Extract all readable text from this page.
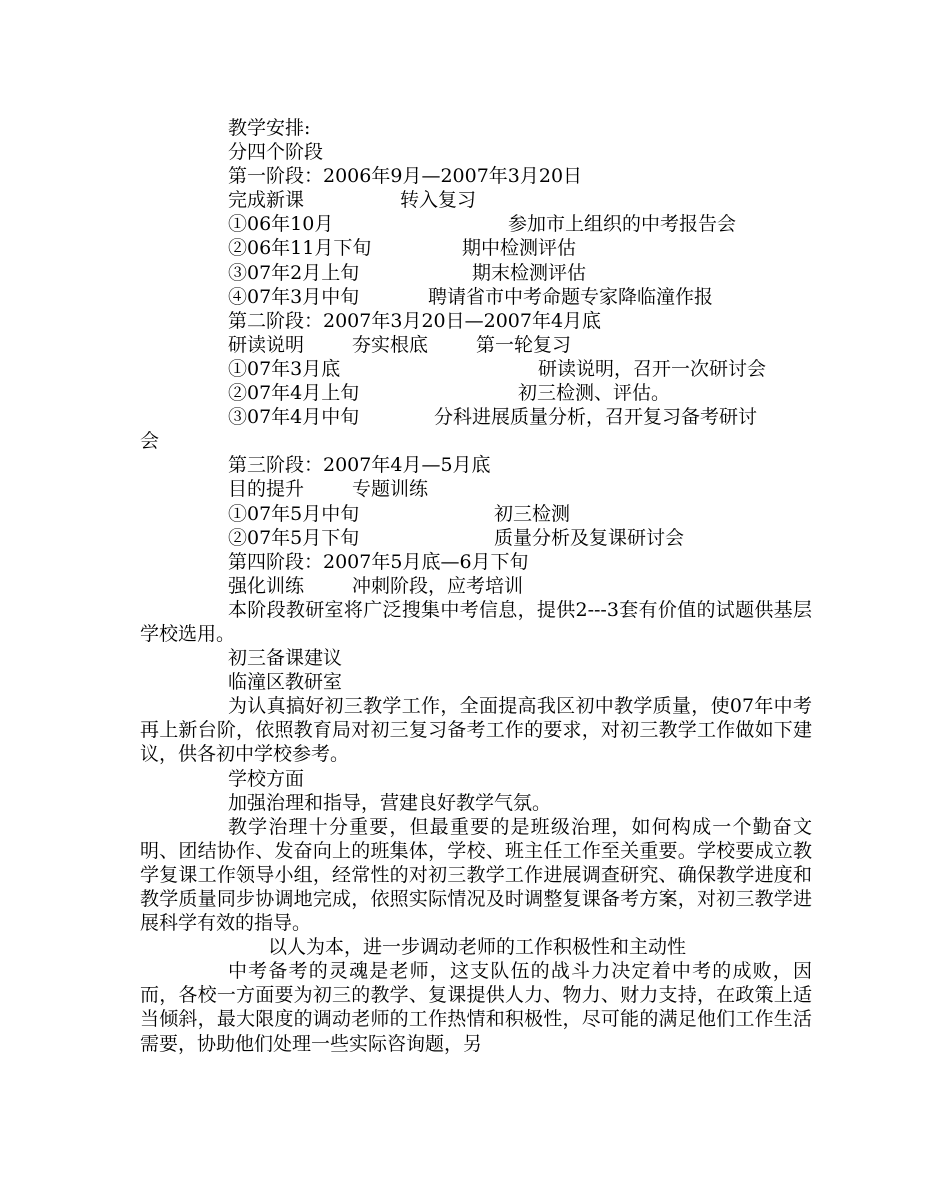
教学安排:
分四个阶段
第一阶段：2006年9月—2007年3月20日
完成新课	转入复习
①06年10月	参加市上组织的中考报告会
②06年11月下旬	期中检测评估
③07年2月上旬	期末检测评估
④07年3月中旬	聘请省市中考命题专家降临潼作报
第二阶段：2007年3月20日—2007年4月底
研读说明	夯实根底	第一轮复习
①07年3月底	研读说明，召开一次研讨会
②07年4月上旬	初三检测、评估。
③07年4月中旬	分科进展质量分析，召开复习备考研讨
会
第三阶段：2007年4月—5月底
目的提升	专题训练
①07年5月中旬	初三检测
②07年5月下旬	质量分析及复课研讨会
第四阶段：2007年5月底—6月下旬
强化训练	冲刺阶段，应考培训
本阶段教研室将广泛搜集中考信息，提供2---3套有价值的试题供基层学校选用。
初三备课建议
临潼区教研室
为认真搞好初三教学工作，全面提高我区初中教学质量，使07年中考再上新台阶，依照教育局对初三复习备考工作的要求，对初三教学工作做如下建议，供各初中学校参考。
学校方面
加强治理和指导，营建良好教学气氛。
教学治理十分重要，但最重要的是班级治理，如何构成一个勤奋文明、团结协作、发奋向上的班集体，学校、班主任工作至关重要。学校要成立教学复课工作领导小组，经常性的对初三教学工作进展调查研究、确保教学进度和教学质量同步协调地完成，依照实际情况及时调整复课备考方案，对初三教学进展科学有效的指导。
以人为本，进一步调动老师的工作积极性和主动性
中考备考的灵魂是老师，这支队伍的战斗力决定着中考的成败，因而，各校一方面要为初三的教学、复课提供人力、物力、财力支持，在政策上适当倾斜，最大限度的调动老师的工作热情和积极性，尽可能的满足他们工作生活需要，协助他们处理一些实际咨询题，另
